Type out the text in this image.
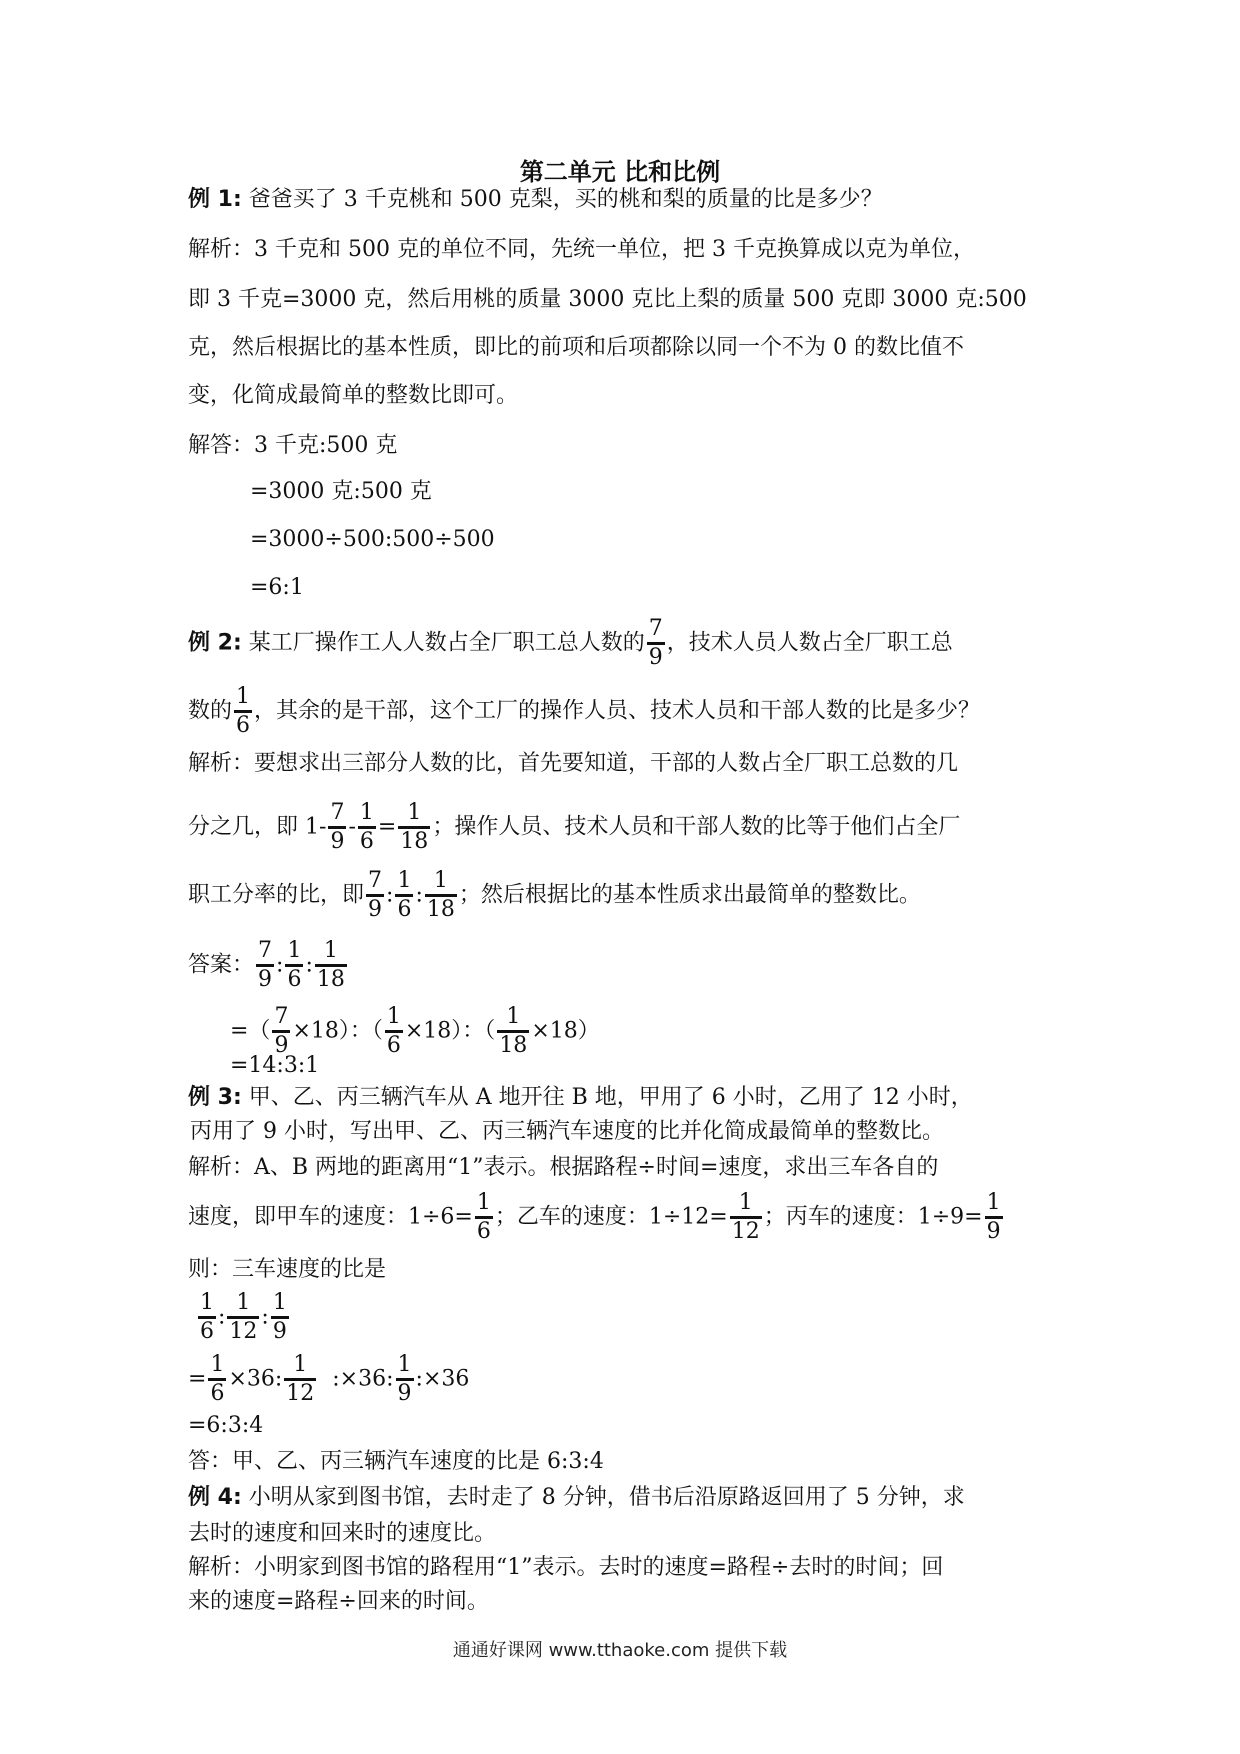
第二单元 比和比例
例 1: 爸爸买了 3 千克桃和 500 克梨，买的桃和梨的质量的比是多少？
解析：3 千克和 500 克的单位不同，先统一单位，把 3 千克换算成以克为单位，
即 3 千克=3000 克，然后用桃的质量 3000 克比上梨的质量 500 克即 3000 克:500
克，然后根据比的基本性质，即比的前项和后项都除以同一个不为 0 的数比值不
变，化简成最简单的整数比即可。
解答：3 千克:500 克
=3000 克:500 克
=3000÷500:500÷500
=6:1
例 2: 某工厂操作工人人数占全厂职工总人数的 $\frac{7}{9}$ ，技术人员人数占全厂职工总
数的 $\frac{1}{6}$ ，其余的是干部，这个工厂的操作人员、技术人员和干部人数的比是多少？
解析：要想求出三部分人数的比，首先要知道，干部的人数占全厂职工总数的几
分之几，即 $1- \frac{7}{9} - \frac{1}{6} = \frac{1}{18}$ ；操作人员、技术人员和干部人数的比等于他们占全厂
职工分率的比，即 $\frac{7}{9}$ : $\frac{1}{6}$ : $\frac{1}{18}$ ；然后根据比的基本性质求出最简单的整数比。
答案： $\frac{7}{9}$ : $\frac{1}{6}$ : $\frac{1}{18}$
=（ $\frac{7}{9} \times 18$）：（ $\frac{1}{6} \times 18$）：（ $\frac{1}{18} \times 18$）
=14:3:1
例 3: 甲、乙、丙三辆汽车从 A 地开往 B 地，甲用了 6 小时，乙用了 12 小时，
丙用了 9 小时，写出甲、乙、丙三辆汽车速度的比并化简成最简单的整数比。
解析：A、B 两地的距离用“1”表示。根据路程÷时间=速度，求出三车各自的
速度，即甲车的速度：$1\div 6= \frac{1}{6}$ ；乙车的速度：$1\div 12= \frac{1}{12}$ ；丙车的速度：$1\div 9= \frac{1}{9}$
则：三车速度的比是
$\frac{1}{6}$ : $\frac{1}{12}$ : $\frac{1}{9}$
= $\frac{1}{6} \times 36$: $\frac{1}{12}$ :×36: $\frac{1}{9}$ :×36
=6:3:4
答：甲、乙、丙三辆汽车速度的比是 6:3:4
例 4: 小明从家到图书馆，去时走了 8 分钟，借书后沿原路返回用了 5 分钟，求
去时的速度和回来时的速度比。
解析：小明家到图书馆的路程用“1”表示。去时的速度=路程÷去时的时间；回
来的速度=路程÷回来的时间。
通通好课网 www.tthaoke.com 提供下载
